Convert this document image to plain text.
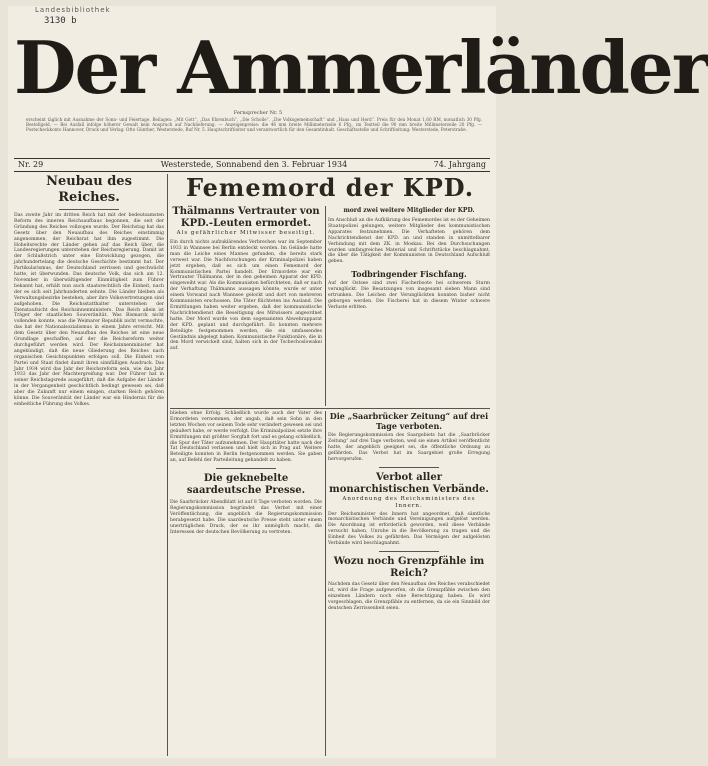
Landesbibliothek
3130 b
Der Ammerländer
Fernsprecher Nr. 5
erscheint täglich mit Ausnahme der Sonn- und Feiertage. Beilagen: „Mit Gott“, „Das Ehrenbuch“, „Die Scholle“, „Die Volksgemeinschaft“ und „Haus und Herd“. Preis für den Monat 1,60 RM, monatlich 30 Pfg. Bestellgeld. — Bei Ausfall infolge höherer Gewalt kein Anspruch auf Nachlieferung. — Anzeigenpreise: die 46 mm breite Millimeterzeile 6 Pfg., im Textteil die 90 mm breite Millimeterzeile 20 Pfg. — Postscheckkonto Hannover, Druck und Verlag: Otto Günther, Westerstede, Ruf Nr. 5. Hauptschriftleiter und verantwortlich für den Gesamtinhalt. Geschäftsstelle und Schriftleitung: Westerstede, Peterstraße.
Nr. 29	Westerstede, Sonnabend den 3. Februar 1934	74. Jahrgang
Neubau des Reiches.

Das zweite Jahr im dritten Reich hat mit der bedeutsamsten Reform des inneren Reichsaufbaus begonnen, die seit der Gründung des Reiches vollzogen wurde. Der Reichstag hat das Gesetz über den Neuaufbau des Reiches einstimmig angenommen, der Reichsrat hat ihm zugestimmt. Die Hoheitsrechte der Länder gehen auf das Reich über, die Landesregierungen unterstehen der Reichsregierung. Damit ist der Schlußstrich unter eine Entwicklung gezogen, die jahrhundertelang die deutsche Geschichte bestimmt hat. Der Partikularismus, der Deutschland zerrissen und geschwächt hatte, ist überwunden. Das deutsche Volk, das sich am 12. November in überwältigender Einmütigkeit zum Führer bekannt hat, erhält nun auch staatsrechtlich die Einheit, nach der es sich seit Jahrhunderten sehnte. Die Länder bleiben als Verwaltungsbezirke bestehen, aber ihre Volksvertretungen sind aufgehoben. Die Reichsstatthalter unterstehen der Dienstaufsicht des Reichsinnenministers. Das Reich allein ist Träger der staatlichen Souveränität. Was Bismarck nicht vollenden konnte, was die Weimarer Republik nicht vermochte, das hat der Nationalsozialismus in einem Jahre erreicht. Mit dem Gesetz über den Neuaufbau des Reiches ist eine neue Grundlage geschaffen, auf der die Reichsreform weiter durchgeführt werden wird. Der Reichsinnenminister hat angekündigt, daß die neue Gliederung des Reiches nach organischen Gesichtspunkten erfolgen soll. Die Einheit von Partei und Staat findet damit ihren sinnfälligen Ausdruck. Das Jahr 1934 wird das Jahr der Reichsreform sein, wie das Jahr 1933 das Jahr der Machtergreifung war. Der Führer hat in seiner Reichstagsrede ausgeführt, daß die Aufgabe der Länder in der Vergangenheit geschichtlich bedingt gewesen sei, daß aber die Zukunft nur einem einigen, starken Reich gehören könne. Die Souveränität der Länder war ein Hindernis für die einheitliche Führung des Volkes.

Fememord der KPD.
Thälmanns Vertrauter von KPD.-Leuten ermordet.
Als gefährlicher Mitwisser beseitigt.

Ein durch nichts aufzuklärendes Verbrechen war im September 1933 in Wannsee bei Berlin entdeckt worden. Im Gelände hatte man die Leiche eines Mannes gefunden, die bereits stark verwest war. Die Nachforschungen der Kriminalpolizei haben jetzt ergeben, daß es sich um einen Fememord der Kommunistischen Partei handelt. Der Ermordete war ein Vertrauter Thälmanns, der in den geheimen Apparat der KPD. eingeweiht war. Als die Kommunisten befürchteten, daß er nach der Verhaftung Thälmanns aussagen könnte, wurde er unter einem Vorwand nach Wannsee gelockt und dort von mehreren Kommunisten erschossen. Die Täter flüchteten ins Ausland. Die Ermittlungen haben weiter ergeben, daß der kommunistische Nachrichtendienst die Beseitigung des Mitwissers angeordnet hatte. Der Mord wurde von dem sogenannten Abwehrapparat der KPD. geplant und durchgeführt. Es konnten mehrere Beteiligte festgenommen werden, die ein umfassendes Geständnis abgelegt haben. Kommunistische Funktionäre, die in den Mord verwickelt sind, halten sich in der Tschechoslowakei auf.

mord zwei weitere Mitglieder der KPD.

Im Anschluß an die Aufklärung des Fememordes ist es der Geheimen Staatspolizei gelungen, weitere Mitglieder des kommunistischen Apparates festzunehmen. Die Verhafteten gehören dem Nachrichtendienst der KPD. an und standen in unmittelbarer Verbindung mit dem ZK. in Moskau. Bei den Durchsuchungen wurden umfangreiches Material und Schriftstücke beschlagnahmt, die über die Tätigkeit der Kommunisten in Deutschland Aufschluß geben.

Todbringender Fischfang.

Auf der Ostsee sind zwei Fischerboote bei schwerem Sturm verunglückt. Die Besatzungen von insgesamt sieben Mann sind ertrunken. Die Leichen der Verunglückten konnten bisher nicht geborgen werden. Die Fischerei hat in diesem Winter schwere Verluste erlitten.

blieben ohne Erfolg. Schließlich wurde auch der Vater des Ermordeten vernommen, der angab, daß sein Sohn in den letzten Wochen vor seinem Tode sehr verändert gewesen sei und geäußert habe, er werde verfolgt. Die Kriminalpolizei setzte ihre Ermittlungen mit größter Sorgfalt fort und es gelang schließlich, die Spur der Täter aufzunehmen. Der Haupttäter hatte nach der Tat Deutschland verlassen und hielt sich in Prag auf. Weitere Beteiligte konnten in Berlin festgenommen werden. Sie gaben an, auf Befehl der Parteileitung gehandelt zu haben.

Die geknebelte saardeutsche Presse.

Die Saarbrücker Abendblatt ist auf 8 Tage verboten worden. Die Regierungskommission begründet das Verbot mit einer Veröffentlichung, die angeblich die Regierungskommission herabgesetzt habe. Die saardeutsche Presse steht unter einem unerträglichen Druck, der es ihr unmöglich macht, die Interessen der deutschen Bevölkerung zu vertreten.

Die „Saarbrücker Zeitung“ auf drei Tage verboten.

Die Regierungskommission des Saargebiets hat die „Saarbrücker Zeitung“ auf drei Tage verboten, weil sie einen Artikel veröffentlicht hatte, der angeblich geeignet sei, die öffentliche Ordnung zu gefährden. Das Verbot hat im Saargebiet große Erregung hervorgerufen.

Verbot aller monarchistischen Verbände.
Anordnung des Reichsministers des Innern.

Der Reichsminister des Innern hat angeordnet, daß sämtliche monarchistischen Verbände und Vereinigungen aufgelöst werden. Die Anordnung ist erforderlich geworden, weil diese Verbände versucht haben, Unruhe in die Bevölkerung zu tragen und die Einheit des Volkes zu gefährden. Das Vermögen der aufgelösten Verbände wird beschlagnahmt.

Wozu noch Grenzpfähle im Reich?

Nachdem das Gesetz über den Neuaufbau des Reiches verabschiedet ist, wird die Frage aufgeworfen, ob die Grenzpfähle zwischen den einzelnen Ländern noch eine Berechtigung haben. Es wird vorgeschlagen, die Grenzpfähle zu entfernen, da sie ein Sinnbild der deutschen Zerrissenheit seien.
